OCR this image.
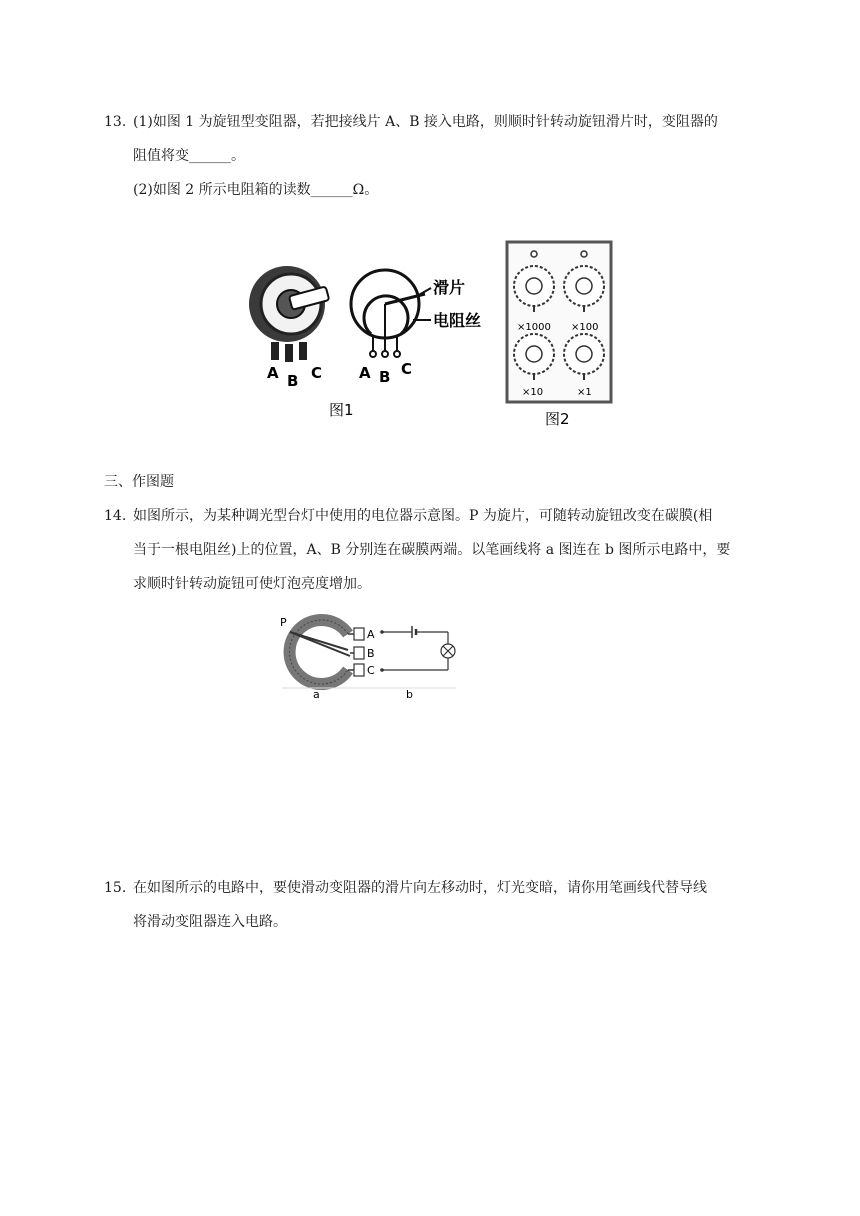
13. (1)如图 1 为旋钮型变阻器，若把接线片 A、B 接入电路，则顺时针转动旋钮滑片时，变阻器的
阻值将变______。
(2)如图 2 所示电阻箱的读数______Ω。
A B C
滑片
电阻丝
A B C
图1
×1000 ×100
×10	×1
图2
三、作图题
14. 如图所示，为某种调光型台灯中使用的电位器示意图。P 为旋片，可随转动旋钮改变在碳膜(相
当于一根电阻丝)上的位置，A、B 分别连在碳膜两端。以笔画线将 a 图连在 b 图所示电路中，要
求顺时针转动旋钮可使灯泡亮度增加。
P
A
B
C
a	b
15. 在如图所示的电路中，要使滑动变阻器的滑片向左移动时，灯光变暗，请你用笔画线代替导线
将滑动变阻器连入电路。
